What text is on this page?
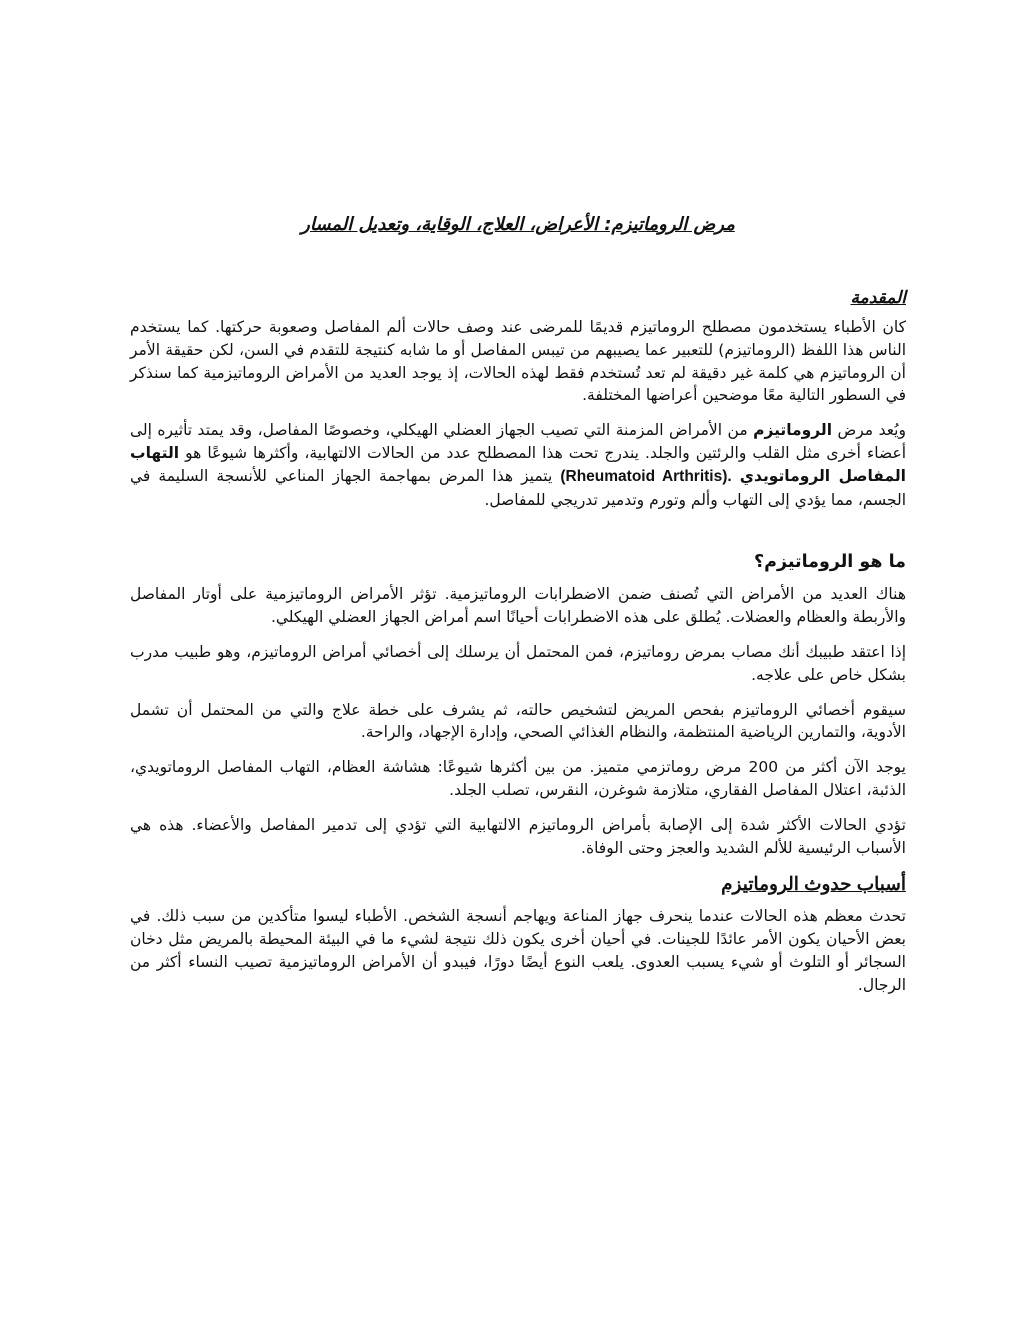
مرض الروماتيزم: الأعراض، العلاج، الوقاية، وتعديل المسار
المقدمة

كان الأطباء يستخدمون مصطلح الروماتيزم قديمًا للمرضى عند وصف حالات ألم المفاصل وصعوبة حركتها. كما يستخدم الناس هذا اللفظ (الروماتيزم) للتعبير عما يصيبهم من تيبس المفاصل أو ما شابه كنتيجة للتقدم في السن، لكن حقيقة الأمر أن الروماتيزم هي كلمة غير دقيقة لم تعد تُستخدم فقط لهذه الحالات، إذ يوجد العديد من الأمراض الروماتيزمية كما سنذكر في السطور التالية معًا موضحين أعراضها المختلفة.

ويُعد مرض الروماتيزم من الأمراض المزمنة التي تصيب الجهاز العضلي الهيكلي، وخصوصًا المفاصل، وقد يمتد تأثيره إلى أعضاء أخرى مثل القلب والرئتين والجلد. يندرج تحت هذا المصطلح عدد من الحالات الالتهابية، وأكثرها شيوعًا هو التهاب المفاصل الروماتويدي (Rheumatoid Arthritis). يتميز هذا المرض بمهاجمة الجهاز المناعي للأنسجة السليمة في الجسم، مما يؤدي إلى التهاب وألم وتورم وتدمير تدريجي للمفاصل.

ما هو الروماتيزم؟

هناك العديد من الأمراض التي تُصنف ضمن الاضطرابات الروماتيزمية. تؤثر الأمراض الروماتيزمية على أوتار المفاصل والأربطة والعظام والعضلات. يُطلق على هذه الاضطرابات أحيانًا اسم أمراض الجهاز العضلي الهيكلي.

إذا اعتقد طبيبك أنك مصاب بمرض روماتيزم، فمن المحتمل أن يرسلك إلى أخصائي أمراض الروماتيزم، وهو طبيب مدرب بشكل خاص على علاجه.

سيقوم أخصائي الروماتيزم بفحص المريض لتشخيص حالته، ثم يشرف على خطة علاج والتي من المحتمل أن تشمل الأدوية، والتمارين الرياضية المنتظمة، والنظام الغذائي الصحي، وإدارة الإجهاد، والراحة.

يوجد الآن أكثر من 200 مرض روماتزمي متميز. من بين أكثرها شيوعًا: هشاشة العظام، التهاب المفاصل الروماتويدي، الذئبة، اعتلال المفاصل الفقاري، متلازمة شوغرن، النقرس، تصلب الجلد.

تؤدي الحالات الأكثر شدة إلى الإصابة بأمراض الروماتيزم الالتهابية التي تؤدي إلى تدمير المفاصل والأعضاء. هذه هي الأسباب الرئيسية للألم الشديد والعجز وحتى الوفاة.

أسباب حدوث الروماتيزم

تحدث معظم هذه الحالات عندما ينحرف جهاز المناعة ويهاجم أنسجة الشخص. الأطباء ليسوا متأكدين من سبب ذلك. في بعض الأحيان يكون الأمر عائدًا للجينات. في أحيان أخرى يكون ذلك نتيجة لشيء ما في البيئة المحيطة بالمريض مثل دخان السجائر أو التلوث أو شيء يسبب العدوى. يلعب النوع أيضًا دورًا، فيبدو أن الأمراض الروماتيزمية تصيب النساء أكثر من الرجال.
